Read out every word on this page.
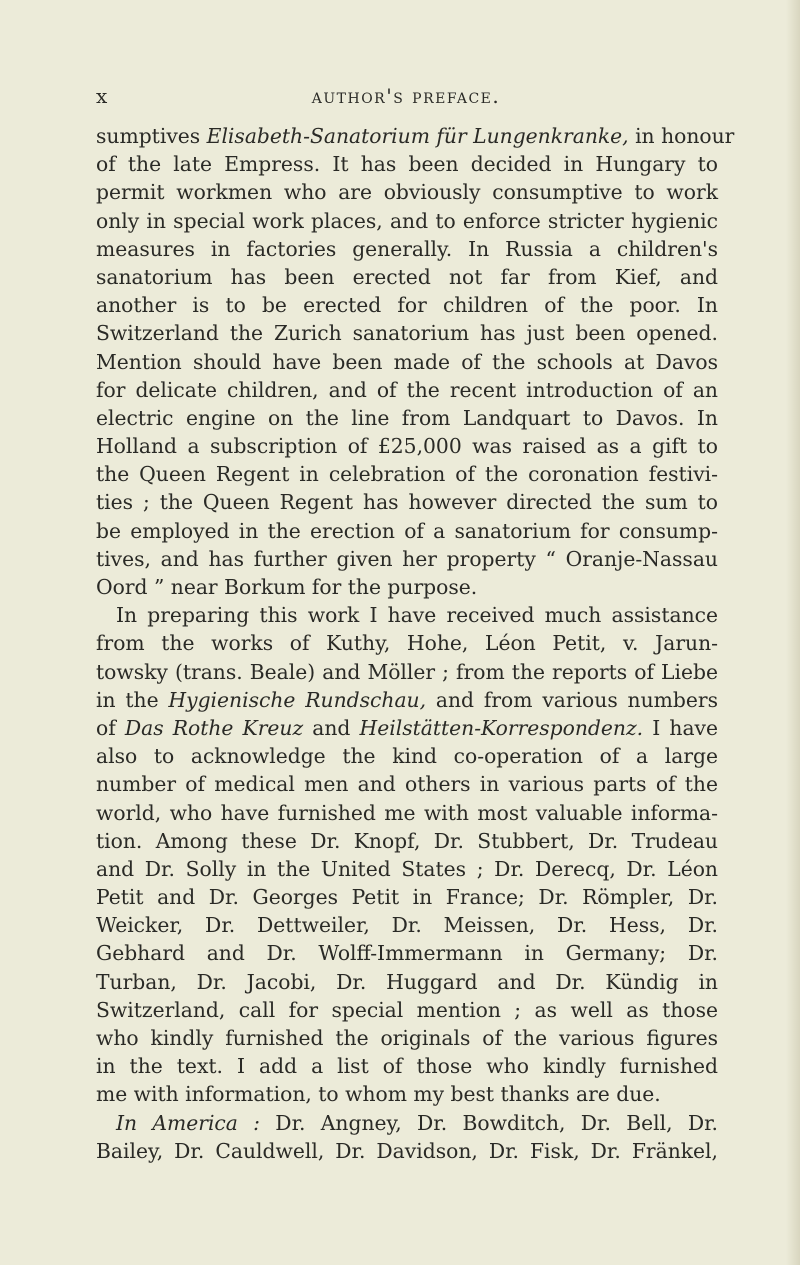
x	author's preface.
sumptives Elisabeth-Sanatorium für Lungenkranke, in honour
of the late Empress. It has been decided in Hungary to
permit workmen who are obviously consumptive to work
only in special work places, and to enforce stricter hygienic
measures in factories generally. In Russia a children's
sanatorium has been erected not far from Kief, and
another is to be erected for children of the poor. In
Switzerland the Zurich sanatorium has just been opened.
Mention should have been made of the schools at Davos
for delicate children, and of the recent introduction of an
electric engine on the line from Landquart to Davos. In
Holland a subscription of £25,000 was raised as a gift to
the Queen Regent in celebration of the coronation festivi-
ties ; the Queen Regent has however directed the sum to
be employed in the erection of a sanatorium for consump-
tives, and has further given her property “ Oranje-Nassau
Oord ” near Borkum for the purpose.
In preparing this work I have received much assistance
from the works of Kuthy, Hohe, Léon Petit, v. Jarun-
towsky (trans. Beale) and Möller ; from the reports of Liebe
in the Hygienische Rundschau, and from various numbers
of Das Rothe Kreuz and Heilstätten-Korrespondenz. I have
also to acknowledge the kind co-operation of a large
number of medical men and others in various parts of the
world, who have furnished me with most valuable informa-
tion. Among these Dr. Knopf, Dr. Stubbert, Dr. Trudeau
and Dr. Solly in the United States ; Dr. Derecq, Dr. Léon
Petit and Dr. Georges Petit in France; Dr. Römpler, Dr.
Weicker, Dr. Dettweiler, Dr. Meissen, Dr. Hess, Dr.
Gebhard and Dr. Wolff-Immermann in Germany; Dr.
Turban, Dr. Jacobi, Dr. Huggard and Dr. Kündig in
Switzerland, call for special mention ; as well as those
who kindly furnished the originals of the various figures
in the text. I add a list of those who kindly furnished
me with information, to whom my best thanks are due.
In America : Dr. Angney, Dr. Bowditch, Dr. Bell, Dr.
Bailey, Dr. Cauldwell, Dr. Davidson, Dr. Fisk, Dr. Fränkel,
